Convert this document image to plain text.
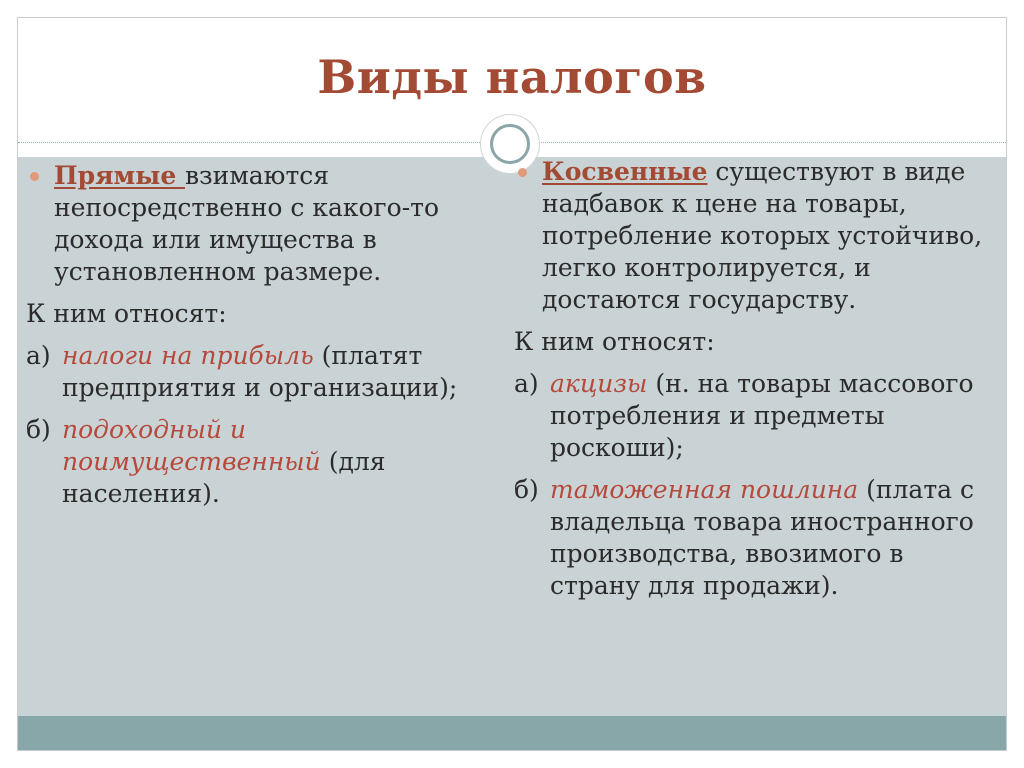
Виды налогов
Прямые взимаются непосредственно с какого-то дохода или имущества в установленном размере.
К ним относят:
а) налоги на прибыль (платят предприятия и организации);
б) подоходный и поимущественный (для населения).
Косвенные существуют в виде надбавок к цене на товары, потребление которых устойчиво, легко контролируется, и достаются государству.
К ним относят:
а) акцизы (н. на товары массового потребления и предметы роскоши);
б) таможенная пошлина (плата с владельца товара иностранного производства, ввозимого в страну для продажи).
